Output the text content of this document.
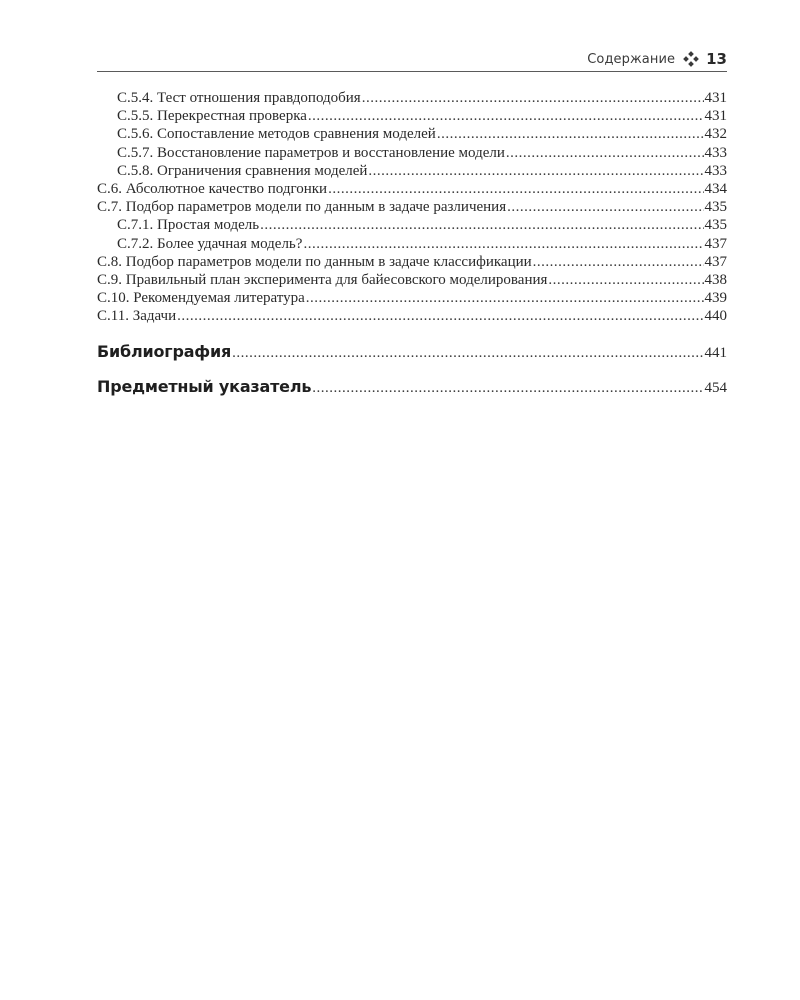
Содержание 13
С.5.4. Тест отношения правдоподобия .....	431
С.5.5. Перекрестная проверка .....	431
С.5.6. Сопоставление методов сравнения моделей .....	432
С.5.7. Восстановление параметров и восстановление модели .....	433
С.5.8. Ограничения сравнения моделей .....	433
С.6. Абсолютное качество подгонки .....	434
С.7. Подбор параметров модели по данным в задаче различения .....	435
С.7.1. Простая модель .....	435
С.7.2. Более удачная модель? .....	437
С.8. Подбор параметров модели по данным в задаче классификации .....	437
С.9. Правильный план эксперимента для байесовского моделирования .....	438
С.10. Рекомендуемая литература .....	439
С.11. Задачи .....	440
Библиография .....	441
Предметный указатель .....	454
